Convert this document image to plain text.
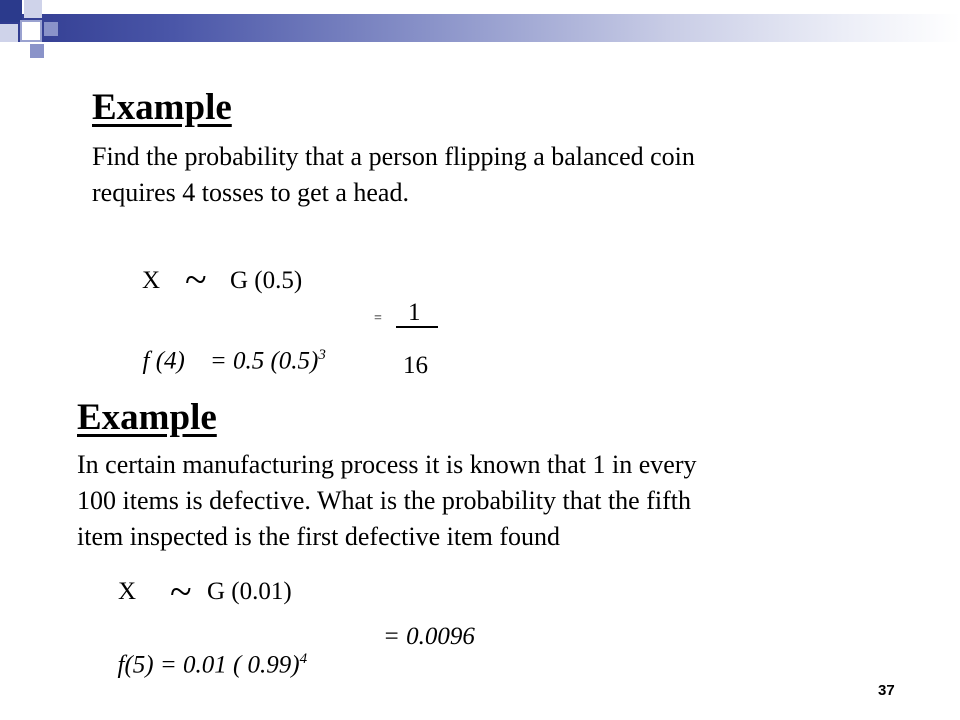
Example
Find the probability that a person flipping a balanced coin
requires 4 tosses to get a head.
X ~ G (0.5)

f (4)    = 0.5 $(0.5)^3$

= 1
16
Example
In certain manufacturing process it is known that 1 in every
100 items is defective. What is the probability that the fifth
item inspected is the first defective item found
X ~ G (0.01)

f(5) = 0.01 ( 0.99)$^4$

= 0.0096
37
